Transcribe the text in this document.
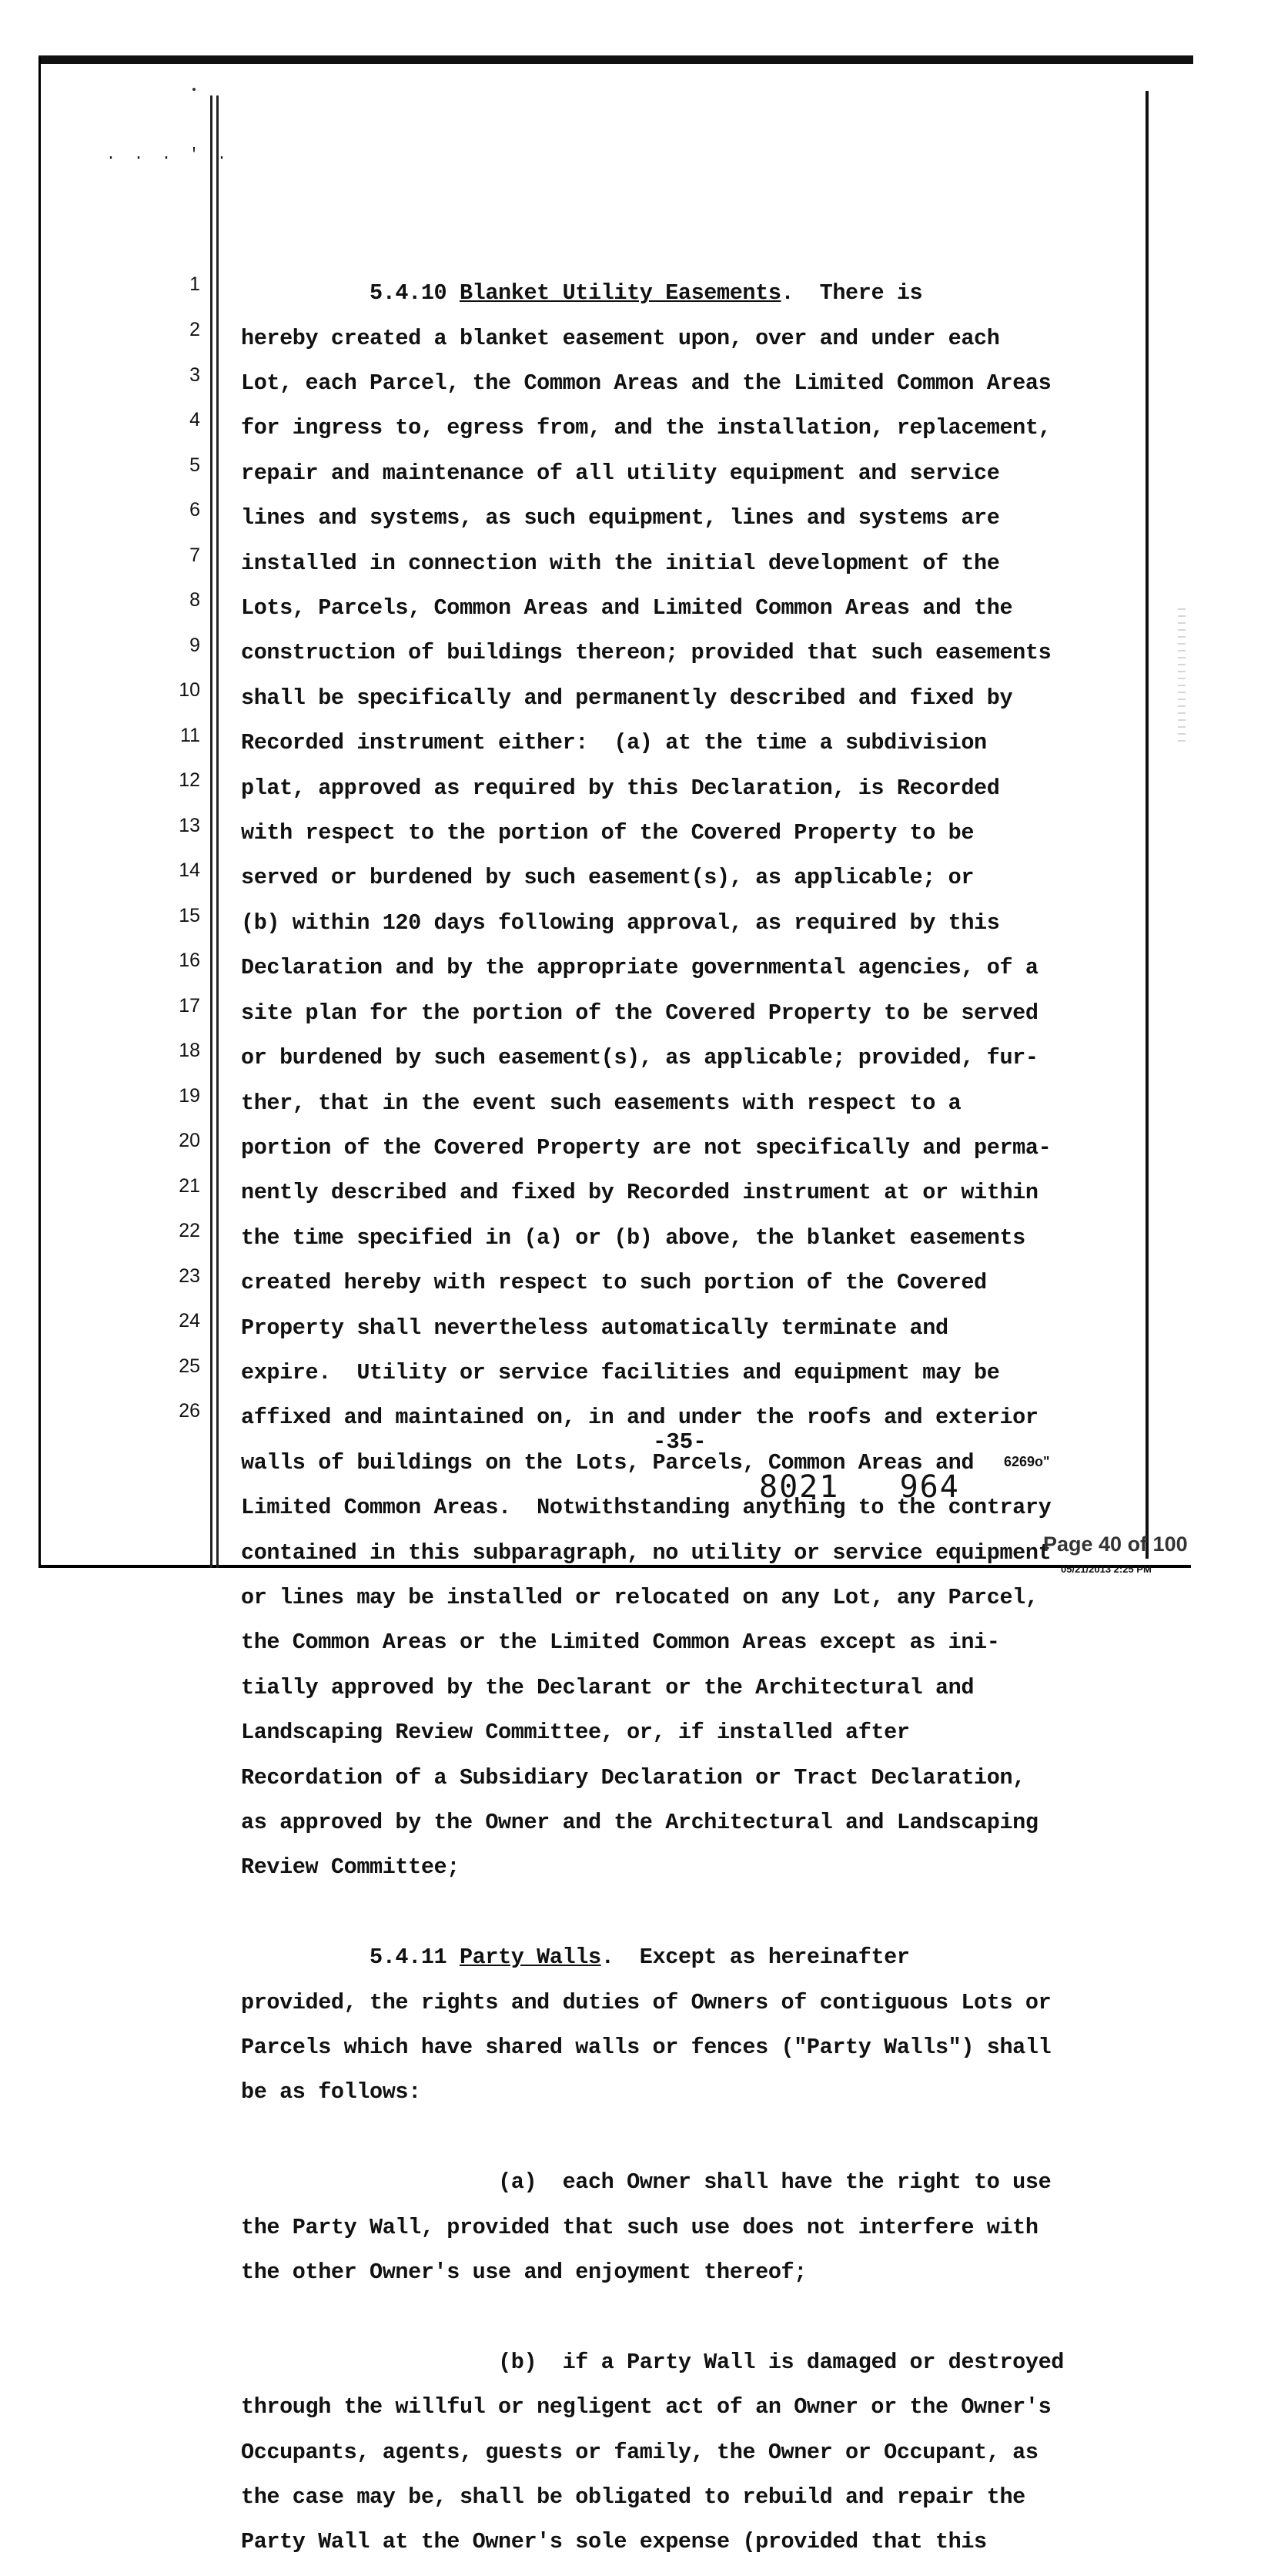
. . . ' .
1
2
3
4
5
6
7
8
9
10
11
12
13
14
15
16
17
18
19
20
21
22
23
24
25
26

5.4.10 Blanket Utility Easements.  There is

hereby created a blanket easement upon, over and under each

Lot, each Parcel, the Common Areas and the Limited Common Areas

for ingress to, egress from, and the installation, replacement,

repair and maintenance of all utility equipment and service

lines and systems, as such equipment, lines and systems are

installed in connection with the initial development of the

Lots, Parcels, Common Areas and Limited Common Areas and the

construction of buildings thereon; provided that such easements

shall be specifically and permanently described and fixed by

Recorded instrument either:  (a) at the time a subdivision

plat, approved as required by this Declaration, is Recorded

with respect to the portion of the Covered Property to be

served or burdened by such easement(s), as applicable; or

(b) within 120 days following approval, as required by this

Declaration and by the appropriate governmental agencies, of a

site plan for the portion of the Covered Property to be served

or burdened by such easement(s), as applicable; provided, fur-

ther, that in the event such easements with respect to a

portion of the Covered Property are not specifically and perma-

nently described and fixed by Recorded instrument at or within

the time specified in (a) or (b) above, the blanket easements

created hereby with respect to such portion of the Covered

Property shall nevertheless automatically terminate and

expire.  Utility or service facilities and equipment may be

affixed and maintained on, in and under the roofs and exterior

walls of buildings on the Lots, Parcels, Common Areas and

Limited Common Areas.  Notwithstanding anything to the contrary

contained in this subparagraph, no utility or service equipment

or lines may be installed or relocated on any Lot, any Parcel,

the Common Areas or the Limited Common Areas except as ini-

tially approved by the Declarant or the Architectural and

Landscaping Review Committee, or, if installed after

Recordation of a Subsidiary Declaration or Tract Declaration,

as approved by the Owner and the Architectural and Landscaping

Review Committee;

5.4.11 Party Walls.  Except as hereinafter

provided, the rights and duties of Owners of contiguous Lots or

Parcels which have shared walls or fences ("Party Walls") shall

be as follows:

(a) each Owner shall have the right to use

the Party Wall, provided that such use does not interfere with

the other Owner's use and enjoyment thereof;

(b) if a Party Wall is damaged or destroyed

through the willful or negligent act of an Owner or the Owner's

Occupants, agents, guests or family, the Owner or Occupant, as

the case may be, shall be obligated to rebuild and repair the

Party Wall at the Owner's sole expense (provided that this

-35-
6269o"
8021   964
Page 40 of 100
05/21/2013 2:25 PM
